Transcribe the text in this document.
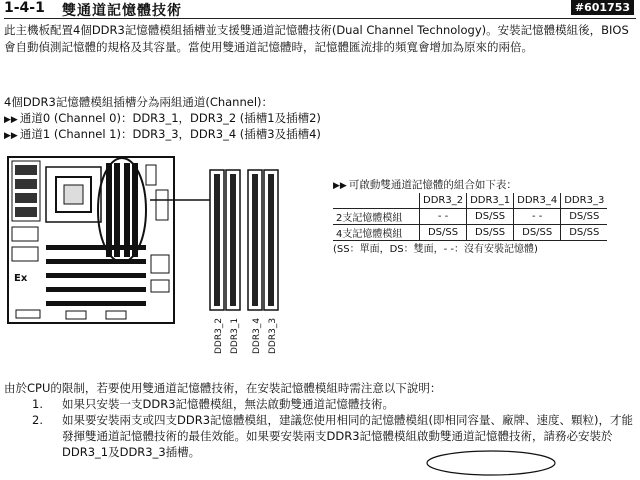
1-4-1 雙通道記憶體技術	#601753
此主機板配置4個DDR3記憶體模組插槽並支援雙通道記憶體技術(Dual Channel Technology)。安裝記憶體模組後，BIOS會自動偵測記憶體的規格及其容量。當使用雙通道記憶體時，記憶體匯流排的頻寬會增加為原來的兩倍。
4個DDR3記憶體模組插槽分為兩組通道(Channel)：
▶▶ 通道0 (Channel 0)：DDR3_1，DDR3_2 (插槽1及插槽2)
▶▶ 通道1 (Channel 1)：DDR3_3，DDR3_4 (插槽3及插槽4)
Ex
DDR3_2 DDR3_1 DDR3_4 DDR3_3
▶▶ 可啟動雙通道記憶體的組合如下表：
	DDR3_2	DDR3_1	DDR3_4	DDR3_3
2支記憶體模組	- -	DS/SS	- -	DS/SS
4支記憶體模組	DS/SS	DS/SS	DS/SS	DS/SS
(SS：單面，DS：雙面，- -：沒有安裝記憶體)
由於CPU的限制，若要使用雙通道記憶體技術，在安裝記憶體模組時需注意以下說明：
1. 如果只安裝一支DDR3記憶體模組，無法啟動雙通道記憶體技術。
2. 如果要安裝兩支或四支DDR3記憶體模組，建議您使用相同的記憶體模組(即相同容量、廠牌、速度、顆粒)，才能發揮雙通道記憶體技術的最佳效能。如果要安裝兩支DDR3記憶體模組啟動雙通道記憶體技術，請務必安裝於DDR3_1及DDR3_3插槽。
